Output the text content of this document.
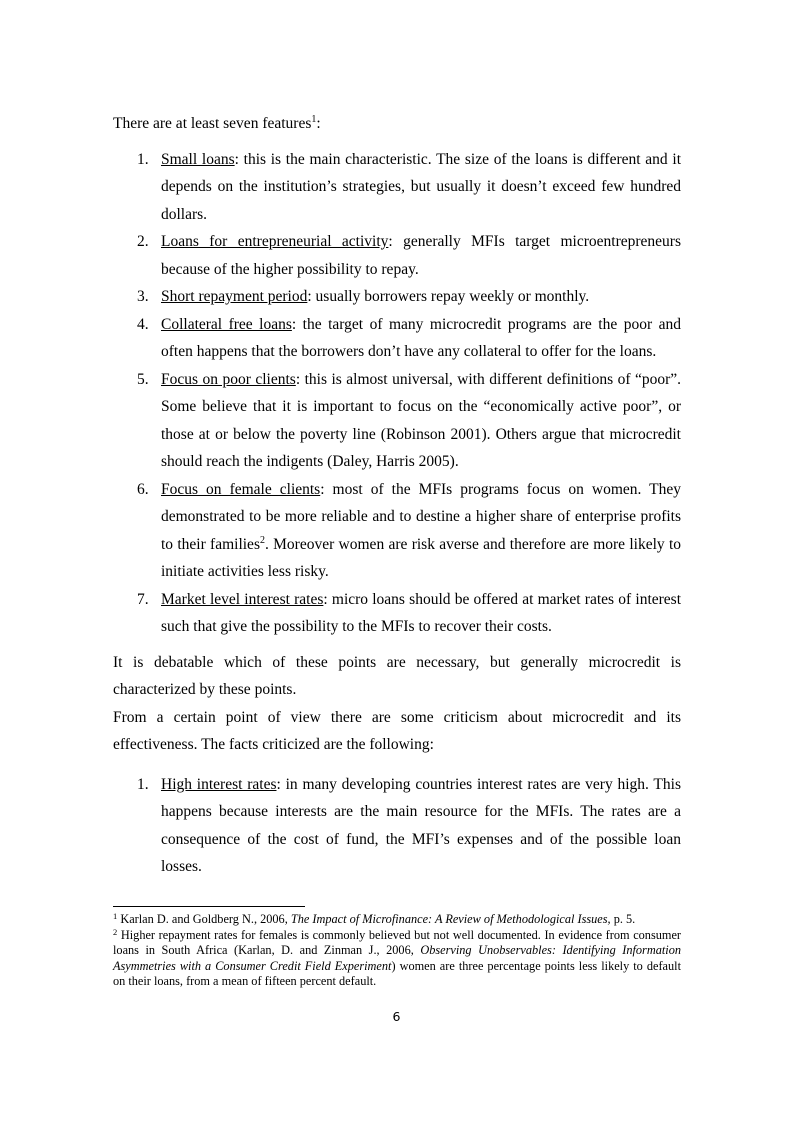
There are at least seven features$^1$:

1. Small loans: this is the main characteristic. The size of the loans is different and it depends on the institution’s strategies, but usually it doesn’t exceed few hundred dollars.
2. Loans for entrepreneurial activity: generally MFIs target microentrepreneurs because of the higher possibility to repay.
3. Short repayment period: usually borrowers repay weekly or monthly.
4. Collateral free loans: the target of many microcredit programs are the poor and often happens that the borrowers don’t have any collateral to offer for the loans.
5. Focus on poor clients: this is almost universal, with different definitions of “poor”. Some believe that it is important to focus on the “economically active poor”, or those at or below the poverty line (Robinson 2001). Others argue that microcredit should reach the indigents (Daley, Harris 2005).
6. Focus on female clients: most of the MFIs programs focus on women. They demonstrated to be more reliable and to destine a higher share of enterprise profits to their families$^2$. Moreover women are risk averse and therefore are more likely to initiate activities less risky.
7. Market level interest rates: micro loans should be offered at market rates of interest such that give the possibility to the MFIs to recover their costs.

It is debatable which of these points are necessary, but generally microcredit is characterized by these points.

From a certain point of view there are some criticism about microcredit and its effectiveness. The facts criticized are the following:

1. High interest rates: in many developing countries interest rates are very high. This happens because interests are the main resource for the MFIs. The rates are a consequence of the cost of fund, the MFI’s expenses and of the possible loan losses.
$^1$ Karlan D. and Goldberg N., 2006, The Impact of Microfinance: A Review of Methodological Issues, p. 5.
$^2$ Higher repayment rates for females is commonly believed but not well documented. In evidence from consumer loans in South Africa (Karlan, D. and Zinman J., 2006, Observing Unobservables: Identifying Information Asymmetries with a Consumer Credit Field Experiment) women are three percentage points less likely to default on their loans, from a mean of fifteen percent default.
6
